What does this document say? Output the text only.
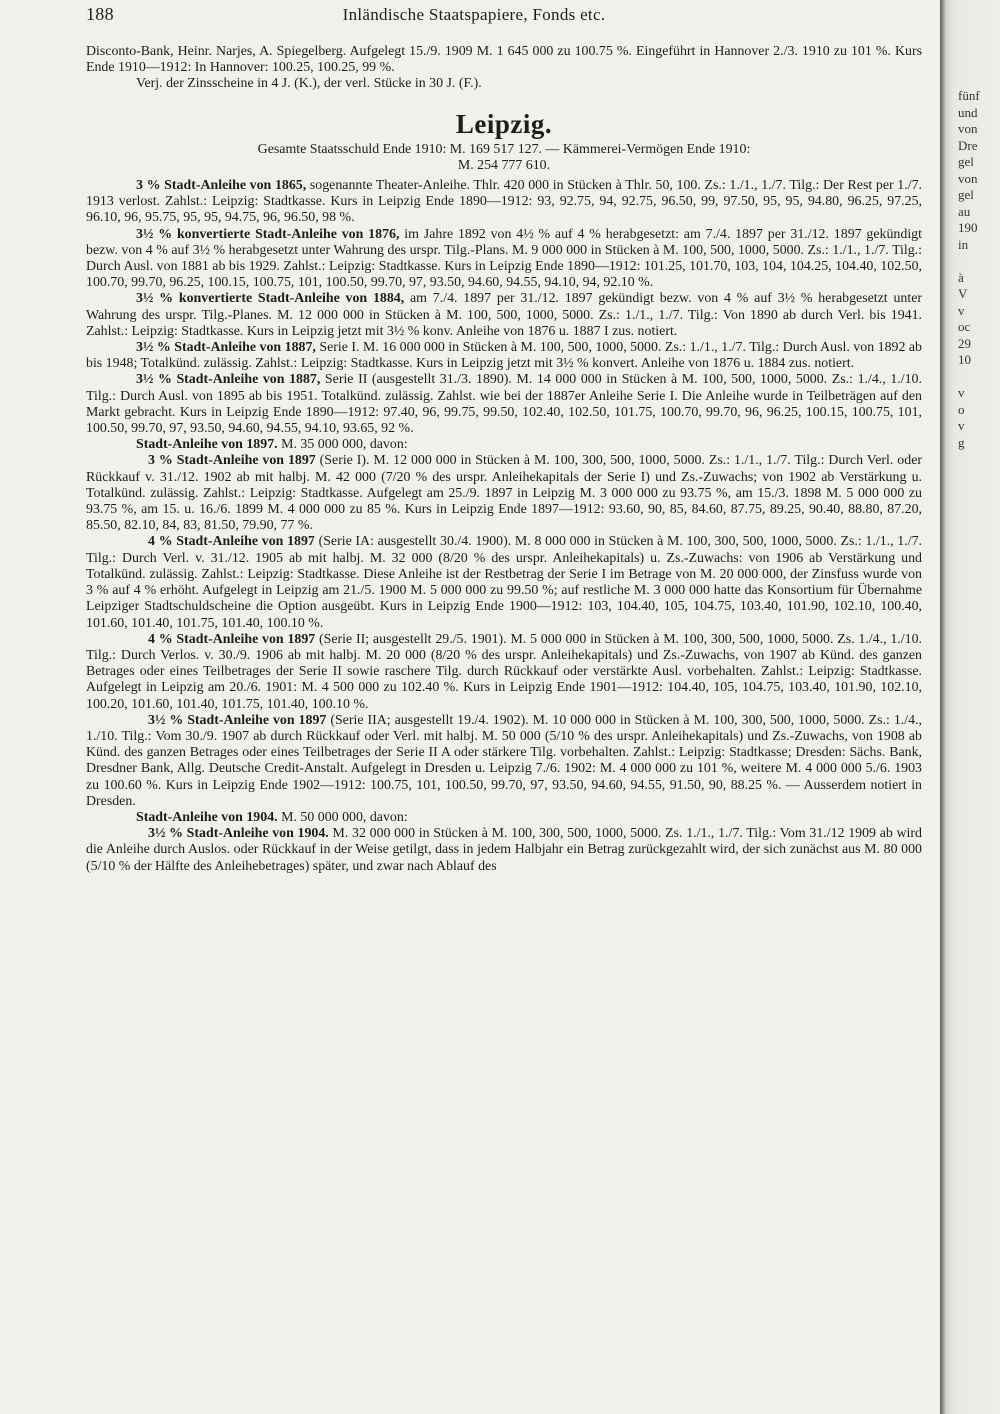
188	Inländische Staatspapiere, Fonds etc.

Disconto-Bank, Heinr. Narjes, A. Spiegelberg. Aufgelegt 15./9. 1909 M. 1 645 000 zu 100.75 %. Eingeführt in Hannover 2./3. 1910 zu 101 %. Kurs Ende 1910—1912: In Hannover: 100.25, 100.25, 99 %.

Verj. der Zinsscheine in 4 J. (K.), der verl. Stücke in 30 J. (F.).

Leipzig.

Gesamte Staatsschuld Ende 1910: M. 169 517 127. — Kämmerei-Vermögen Ende 1910:

M. 254 777 610.

3 % Stadt-Anleihe von 1865, sogenannte Theater-Anleihe. Thlr. 420 000 in Stücken à Thlr. 50, 100. Zs.: 1./1., 1./7. Tilg.: Der Rest per 1./7. 1913 verlost. Zahlst.: Leipzig: Stadtkasse. Kurs in Leipzig Ende 1890—1912: 93, 92.75, 94, 92.75, 96.50, 99, 97.50, 95, 95, 94.80, 96.25, 97.25, 96.10, 96, 95.75, 95, 95, 94.75, 96, 96.50, 98 %.

3½ % konvertierte Stadt-Anleihe von 1876, im Jahre 1892 von 4½ % auf 4 % herabgesetzt: am 7./4. 1897 per 31./12. 1897 gekündigt bezw. von 4 % auf 3½ % herabgesetzt unter Wahrung des urspr. Tilg.-Plans. M. 9 000 000 in Stücken à M. 100, 500, 1000, 5000. Zs.: 1./1., 1./7. Tilg.: Durch Ausl. von 1881 ab bis 1929. Zahlst.: Leipzig: Stadtkasse. Kurs in Leipzig Ende 1890—1912: 101.25, 101.70, 103, 104, 104.25, 104.40, 102.50, 100.70, 99.70, 96.25, 100.15, 100.75, 101, 100.50, 99.70, 97, 93.50, 94.60, 94.55, 94.10, 94, 92.10 %.

3½ % konvertierte Stadt-Anleihe von 1884, am 7./4. 1897 per 31./12. 1897 gekündigt bezw. von 4 % auf 3½ % herabgesetzt unter Wahrung des urspr. Tilg.-Planes. M. 12 000 000 in Stücken à M. 100, 500, 1000, 5000. Zs.: 1./1., 1./7. Tilg.: Von 1890 ab durch Verl. bis 1941. Zahlst.: Leipzig: Stadtkasse. Kurs in Leipzig jetzt mit 3½ % konv. Anleihe von 1876 u. 1887 I zus. notiert.

3½ % Stadt-Anleihe von 1887, Serie I. M. 16 000 000 in Stücken à M. 100, 500, 1000, 5000. Zs.: 1./1., 1./7. Tilg.: Durch Ausl. von 1892 ab bis 1948; Totalkünd. zulässig. Zahlst.: Leipzig: Stadtkasse. Kurs in Leipzig jetzt mit 3½ % konvert. Anleihe von 1876 u. 1884 zus. notiert.

3½ % Stadt-Anleihe von 1887, Serie II (ausgestellt 31./3. 1890). M. 14 000 000 in Stücken à M. 100, 500, 1000, 5000. Zs.: 1./4., 1./10. Tilg.: Durch Ausl. von 1895 ab bis 1951. Totalkünd. zulässig. Zahlst. wie bei der 1887er Anleihe Serie I. Die Anleihe wurde in Teilbeträgen auf den Markt gebracht. Kurs in Leipzig Ende 1890—1912: 97.40, 96, 99.75, 99.50, 102.40, 102.50, 101.75, 100.70, 99.70, 96, 96.25, 100.15, 100.75, 101, 100.50, 99.70, 97, 93.50, 94.60, 94.55, 94.10, 93.65, 92 %.

Stadt-Anleihe von 1897. M. 35 000 000, davon:

3 % Stadt-Anleihe von 1897 (Serie I). M. 12 000 000 in Stücken à M. 100, 300, 500, 1000, 5000. Zs.: 1./1., 1./7. Tilg.: Durch Verl. oder Rückkauf v. 31./12. 1902 ab mit halbj. M. 42 000 (7/20 % des urspr. Anleihekapitals der Serie I) und Zs.-Zuwachs; von 1902 ab Verstärkung u. Totalkünd. zulässig. Zahlst.: Leipzig: Stadtkasse. Aufgelegt am 25./9. 1897 in Leipzig M. 3 000 000 zu 93.75 %, am 15./3. 1898 M. 5 000 000 zu 93.75 %, am 15. u. 16./6. 1899 M. 4 000 000 zu 85 %. Kurs in Leipzig Ende 1897—1912: 93.60, 90, 85, 84.60, 87.75, 89.25, 90.40, 88.80, 87.20, 85.50, 82.10, 84, 83, 81.50, 79.90, 77 %.

4 % Stadt-Anleihe von 1897 (Serie IA: ausgestellt 30./4. 1900). M. 8 000 000 in Stücken à M. 100, 300, 500, 1000, 5000. Zs.: 1./1., 1./7. Tilg.: Durch Verl. v. 31./12. 1905 ab mit halbj. M. 32 000 (8/20 % des urspr. Anleihekapitals) u. Zs.-Zuwachs: von 1906 ab Verstärkung und Totalkünd. zulässig. Zahlst.: Leipzig: Stadtkasse. Diese Anleihe ist der Restbetrag der Serie I im Betrage von M. 20 000 000, der Zinsfuss wurde von 3 % auf 4 % erhöht. Aufgelegt in Leipzig am 21./5. 1900 M. 5 000 000 zu 99.50 %; auf restliche M. 3 000 000 hatte das Konsortium für Übernahme Leipziger Stadtschuldscheine die Option ausgeübt. Kurs in Leipzig Ende 1900—1912: 103, 104.40, 105, 104.75, 103.40, 101.90, 102.10, 100.40, 101.60, 101.40, 101.75, 101.40, 100.10 %.

4 % Stadt-Anleihe von 1897 (Serie II; ausgestellt 29./5. 1901). M. 5 000 000 in Stücken à M. 100, 300, 500, 1000, 5000. Zs. 1./4., 1./10. Tilg.: Durch Verlos. v. 30./9. 1906 ab mit halbj. M. 20 000 (8/20 % des urspr. Anleihekapitals) und Zs.-Zuwachs, von 1907 ab Künd. des ganzen Betrages oder eines Teilbetrages der Serie II sowie raschere Tilg. durch Rückkauf oder verstärkte Ausl. vorbehalten. Zahlst.: Leipzig: Stadtkasse. Aufgelegt in Leipzig am 20./6. 1901: M. 4 500 000 zu 102.40 %. Kurs in Leipzig Ende 1901—1912: 104.40, 105, 104.75, 103.40, 101.90, 102.10, 100.20, 101.60, 101.40, 101.75, 101.40, 100.10 %.

3½ % Stadt-Anleihe von 1897 (Serie IIA; ausgestellt 19./4. 1902). M. 10 000 000 in Stücken à M. 100, 300, 500, 1000, 5000. Zs.: 1./4., 1./10. Tilg.: Vom 30./9. 1907 ab durch Rückkauf oder Verl. mit halbj. M. 50 000 (5/10 % des urspr. Anleihekapitals) und Zs.-Zuwachs, von 1908 ab Künd. des ganzen Betrages oder eines Teilbetrages der Serie II A oder stärkere Tilg. vorbehalten. Zahlst.: Leipzig: Stadtkasse; Dresden: Sächs. Bank, Dresdner Bank, Allg. Deutsche Credit-Anstalt. Aufgelegt in Dresden u. Leipzig 7./6. 1902: M. 4 000 000 zu 101 %, weitere M. 4 000 000 5./6. 1903 zu 100.60 %. Kurs in Leipzig Ende 1902—1912: 100.75, 101, 100.50, 99.70, 97, 93.50, 94.60, 94.55, 91.50, 90, 88.25 %. — Ausserdem notiert in Dresden.

Stadt-Anleihe von 1904. M. 50 000 000, davon:

3½ % Stadt-Anleihe von 1904. M. 32 000 000 in Stücken à M. 100, 300, 500, 1000, 5000. Zs. 1./1., 1./7. Tilg.: Vom 31./12 1909 ab wird die Anleihe durch Auslos. oder Rückkauf in der Weise getilgt, dass in jedem Halbjahr ein Betrag zurückgezahlt wird, der sich zunächst aus M. 80 000 (5/10 % der Hälfte des Anleihebetrages) später, und zwar nach Ablauf des

fünf
und
von
Dre
gel
von
gel
au
190
in
à
V
v
oc
29
10
v
o
v
g
